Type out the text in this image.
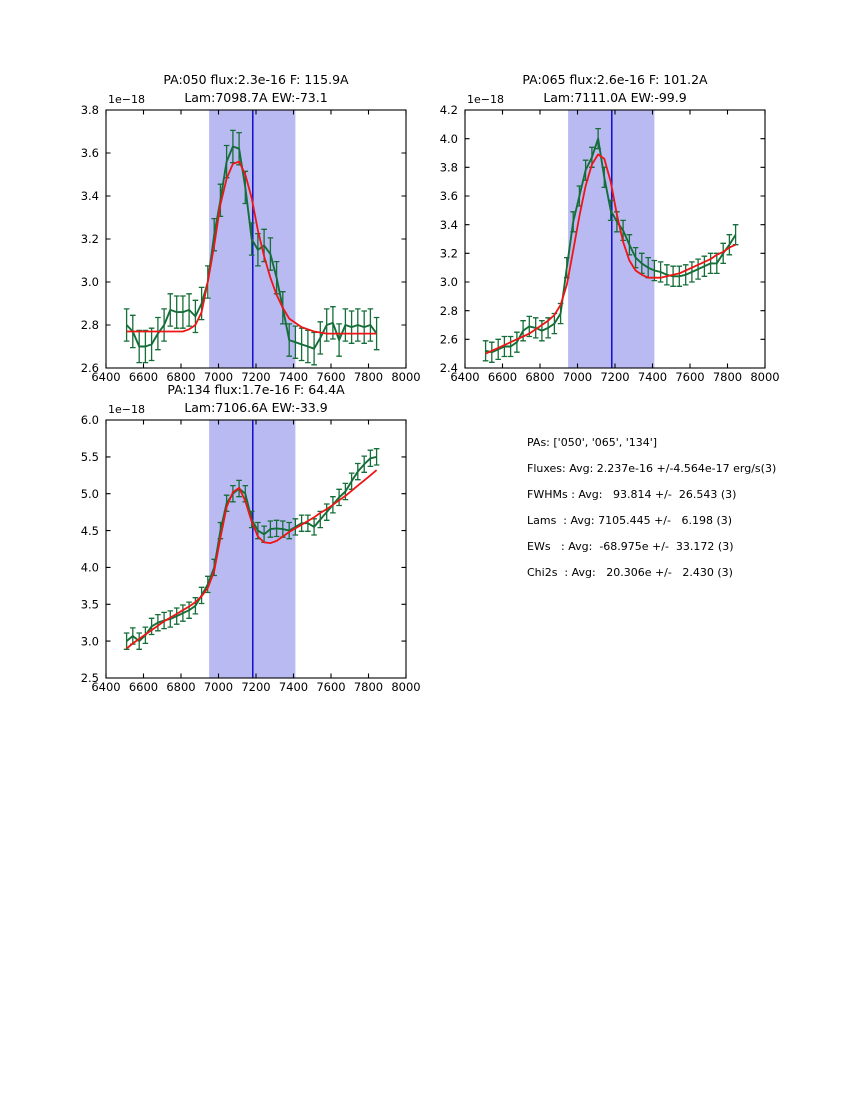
6400 6600 6800 7000 7200 7400 7600 7800 8000
2.6
2.8
3.0
3.2
3.4
3.6
3.8
6400 6600 6800 7000 7200 7400 7600 7800 8000
2.4
2.6
2.8
3.0
3.2
3.4
3.6
3.8
4.0
4.2
6400 6600 6800 7000 7200 7400 7600 7800 8000
2.5
3.0
3.5
4.0
4.5
5.0
5.5
6.0
PA:050 flux:2.3e-16 F: 115.9A
Lam:7098.7A EW:-73.1
PA:065 flux:2.6e-16 F: 101.2A
Lam:7111.0A EW:-99.9
PA:134 flux:1.7e-16 F: 64.4A
Lam:7106.6A EW:-33.9
1e−18	1e−18
1e−18
PAs: ['050', '065', '134']
Fluxes: Avg: 2.237e-16 +/-4.564e-17 erg/s(3)
FWHMs : Avg:   93.814 +/-  26.543 (3)
Lams  : Avg: 7105.445 +/-   6.198 (3)
EWs   : Avg:  -68.975e +/-  33.172 (3)
Chi2s  : Avg:   20.306e +/-   2.430 (3)
